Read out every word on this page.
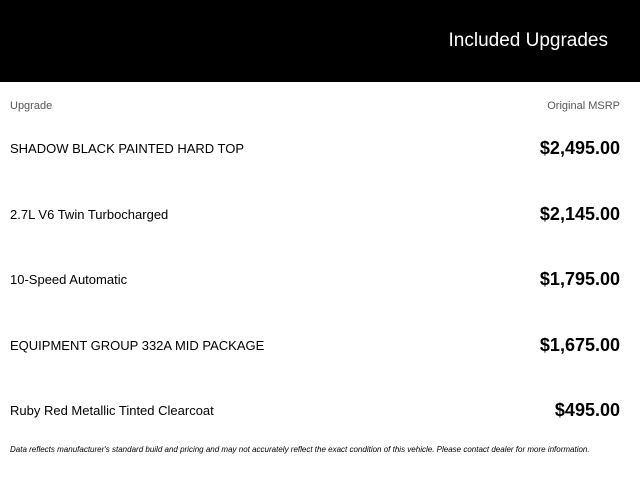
Included Upgrades
Upgrade	Original MSRP
SHADOW BLACK PAINTED HARD TOP	$2,495.00
2.7L V6 Twin Turbocharged	$2,145.00
10-Speed Automatic	$1,795.00
EQUIPMENT GROUP 332A MID PACKAGE	$1,675.00
Ruby Red Metallic Tinted Clearcoat	$495.00
Data reflects manufacturer's standard build and pricing and may not accurately reflect the exact condition of this vehicle. Please contact dealer for more information.
